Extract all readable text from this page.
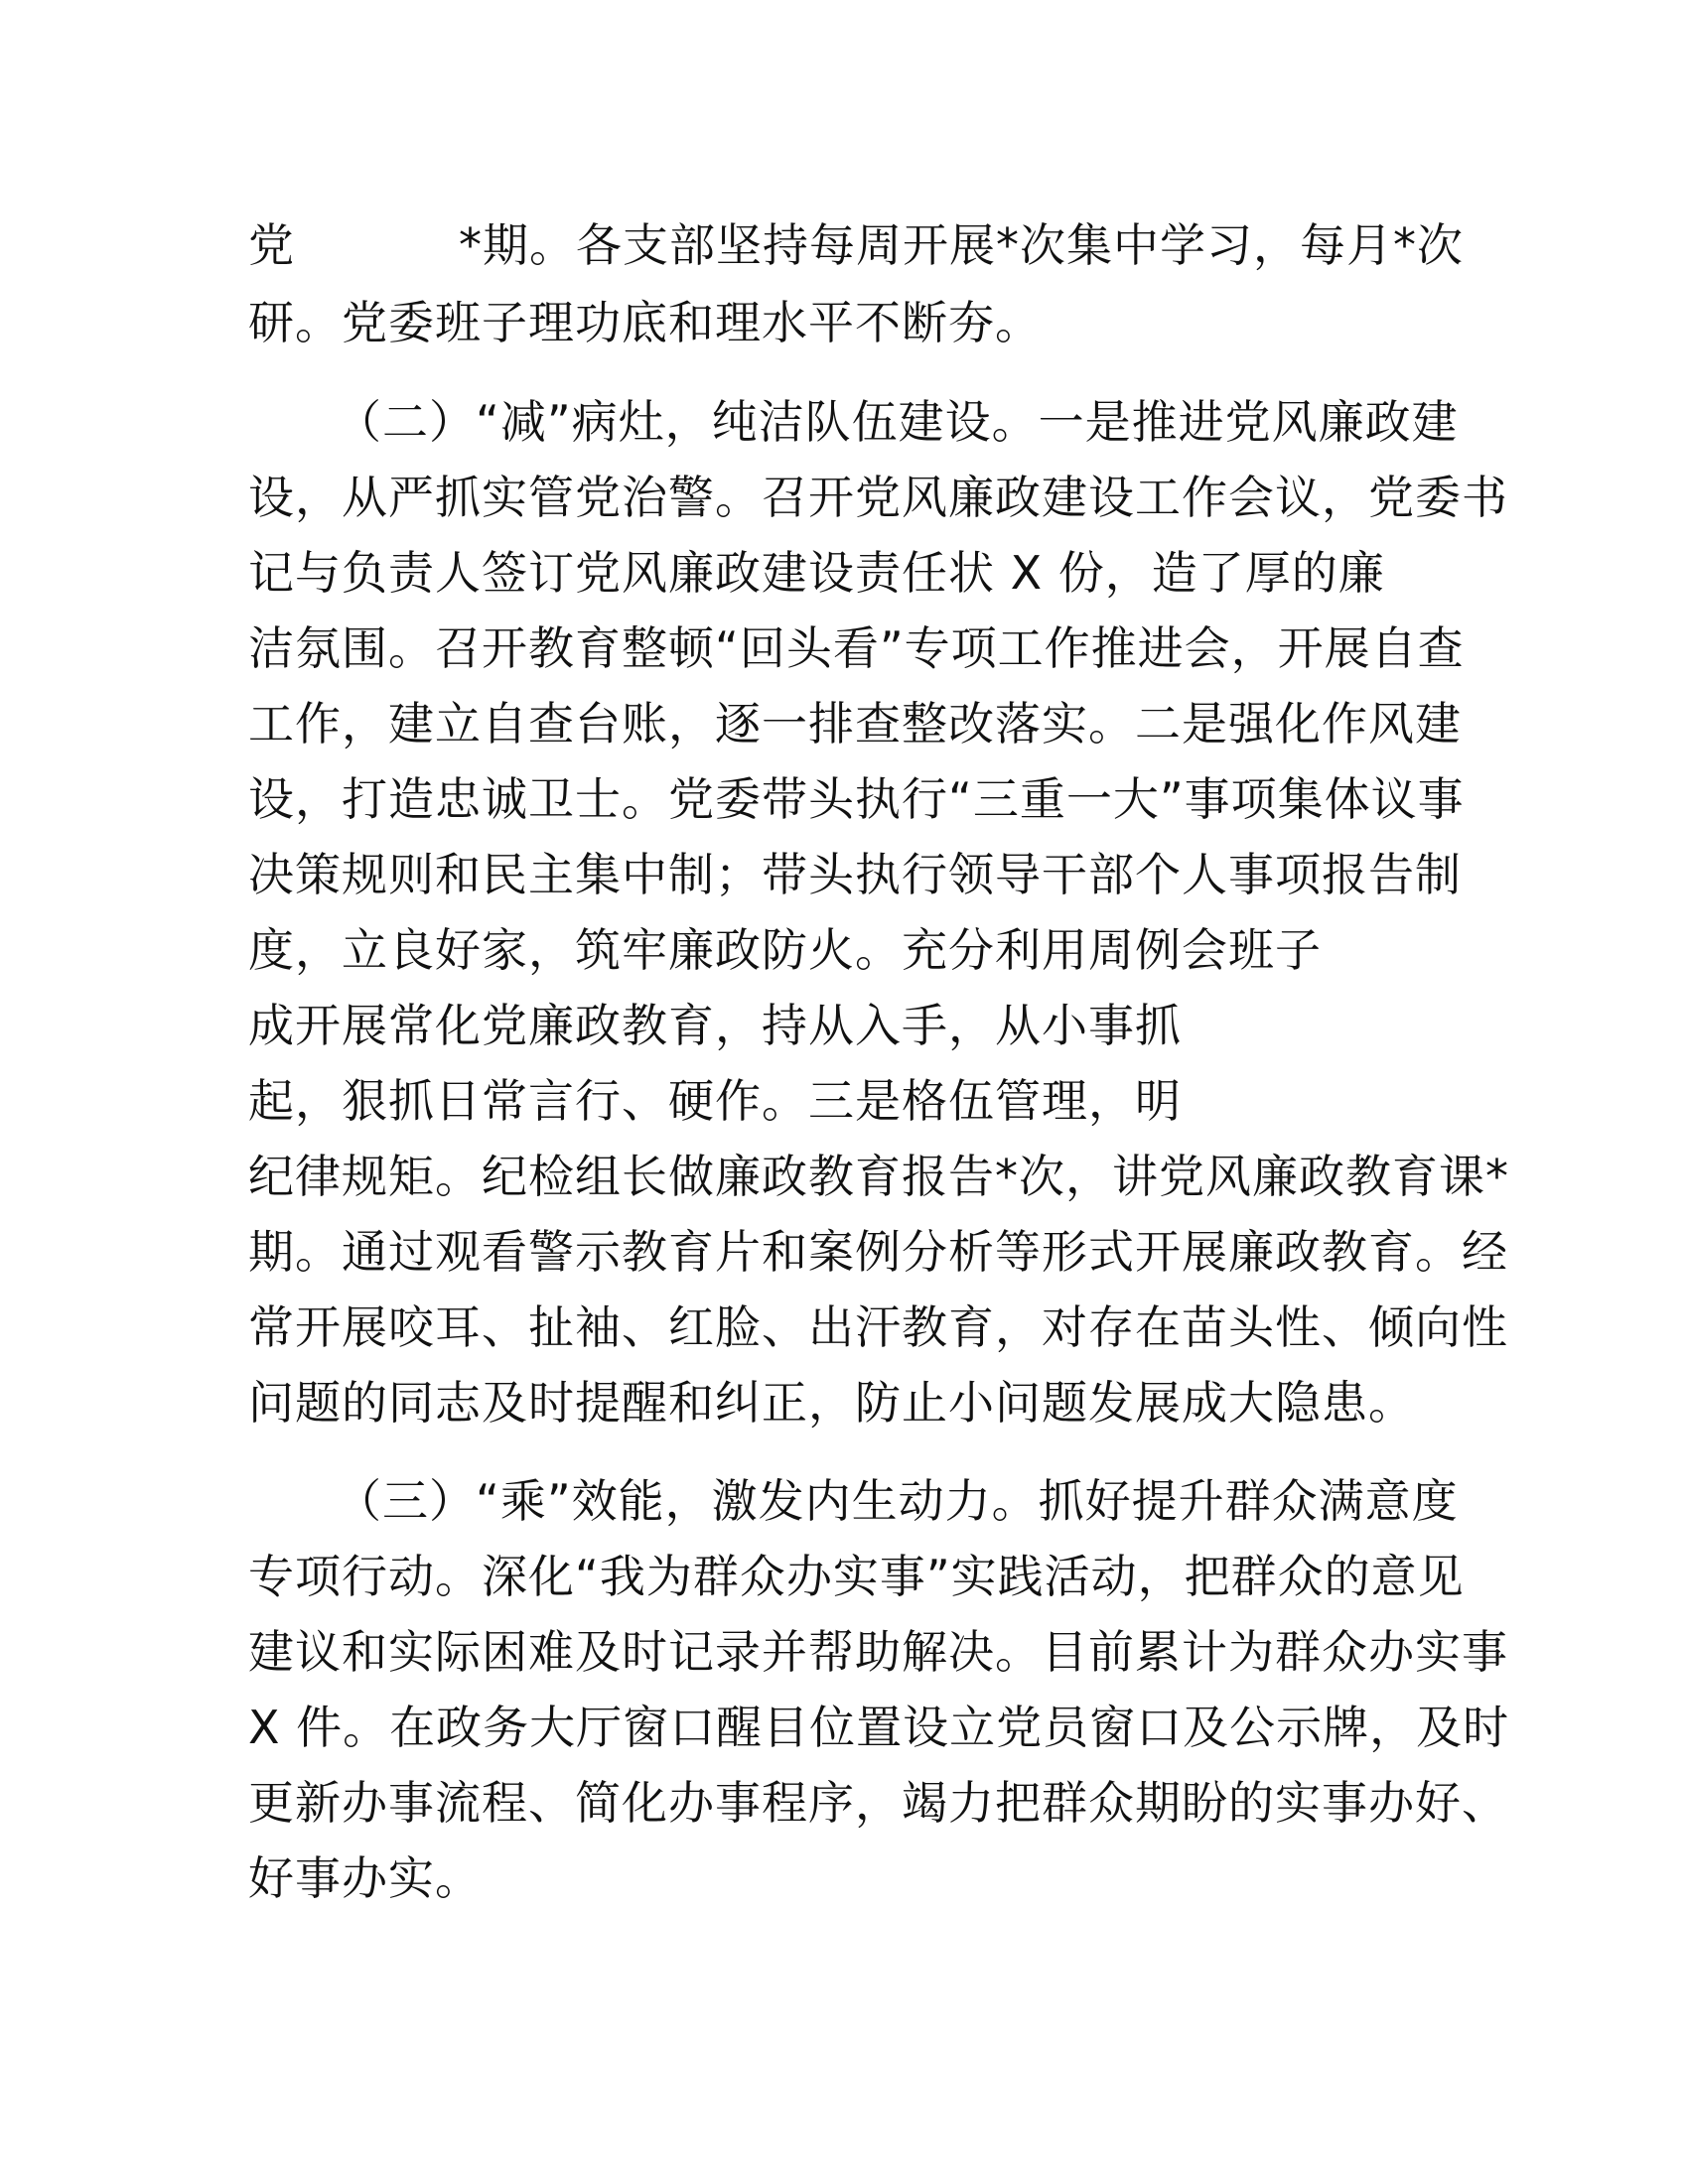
党	*期。各支部坚持每周开展*次集中学习，每月*次
研。党委班子理功底和理水平不断夯。
（二）“减”病灶，纯洁队伍建设。一是推进党风廉政建
设，从严抓实管党治警。召开党风廉政建设工作会议，党委书
记与负责人签订党风廉政建设责任状 X 份，造了厚的廉
洁氛围。召开教育整顿“回头看”专项工作推进会，开展自查
工作，建立自查台账，逐一排查整改落实。二是强化作风建
设，打造忠诚卫士。党委带头执行“三重一大”事项集体议事
决策规则和民主集中制；带头执行领导干部个人事项报告制
度，立良好家，筑牢廉政防火。充分利用周例会班子
成开展常化党廉政教育，持从入手，从小事抓
起，狠抓日常言行、硬作。三是格伍管理，明
纪律规矩。纪检组长做廉政教育报告*次，讲党风廉政教育课*
期。通过观看警示教育片和案例分析等形式开展廉政教育。经
常开展咬耳、扯袖、红脸、出汗教育，对存在苗头性、倾向性
问题的同志及时提醒和纠正，防止小问题发展成大隐患。
（三）“乘”效能，激发内生动力。抓好提升群众满意度
专项行动。深化“我为群众办实事”实践活动，把群众的意见
建议和实际困难及时记录并帮助解决。目前累计为群众办实事
X 件。在政务大厅窗口醒目位置设立党员窗口及公示牌，及时
更新办事流程、简化办事程序，竭力把群众期盼的实事办好、
好事办实。
